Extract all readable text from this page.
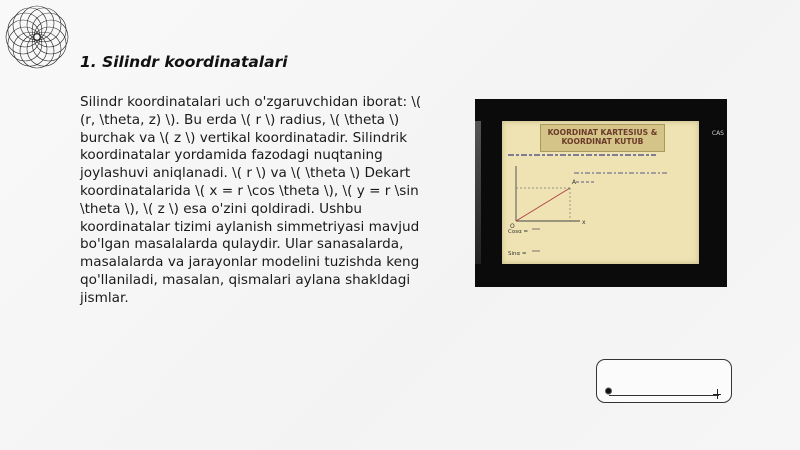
1. Silindr koordinatalari

Silindr koordinatalari uch o'zgaruvchidan iborat: \( (r, \theta, z) \). Bu erda \( r \) radius, \( \theta \) burchak va \( z \) vertikal koordinatadir. Silindrik koordinatalar yordamida fazodagi nuqtaning joylashuvi aniqlanadi. \( r \) va \( \theta \) Dekart koordinatalarida \( x = r \cos \theta \), \( y = r \sin \theta \), \( z \) esa o'zini qoldiradi. Ushbu koordinatalar tizimi aylanish simmetriyasi mavjud bo'lgan masalalarda qulaydir. Ular sanasalarda, masalalarda va jarayonlar modelini tuzishda keng qo'llaniladi, masalan, qismalari aylana shakldagi jismlar.

KOORDINAT KARTESIUS &
KOORDINAT KUTUB
A
O
x
Cosα =
Sinα =
CAS
